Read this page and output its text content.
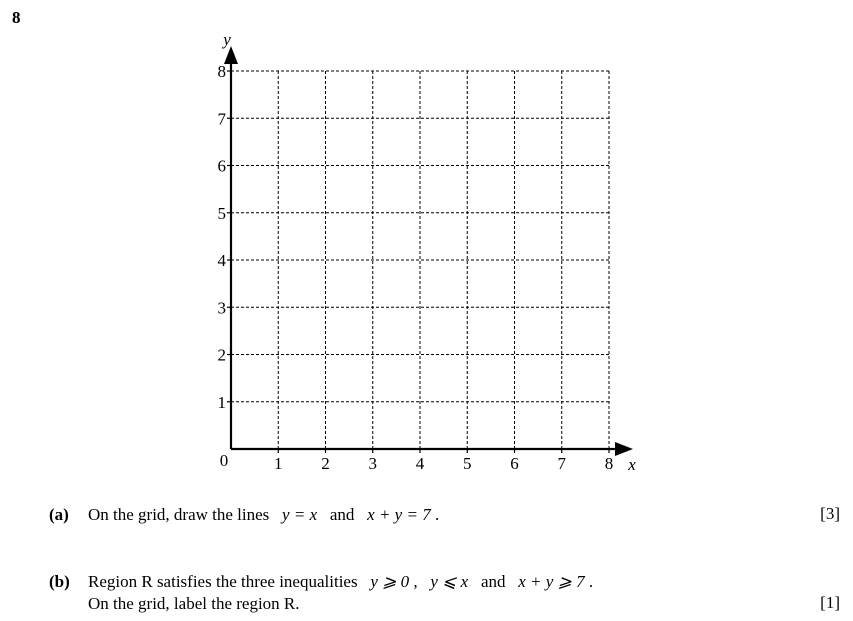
8
1 2 3 4 5 6 7 8
1
2
3
4
5
6
7
8
x
y
0
(a) On the grid, draw the lines y = x and x + y = 7 .	[3]
(b) Region R satisfies the three inequalities y ⩾ 0 , y ⩽ x and x + y ⩾ 7 .
On the grid, label the region R.	[1]
